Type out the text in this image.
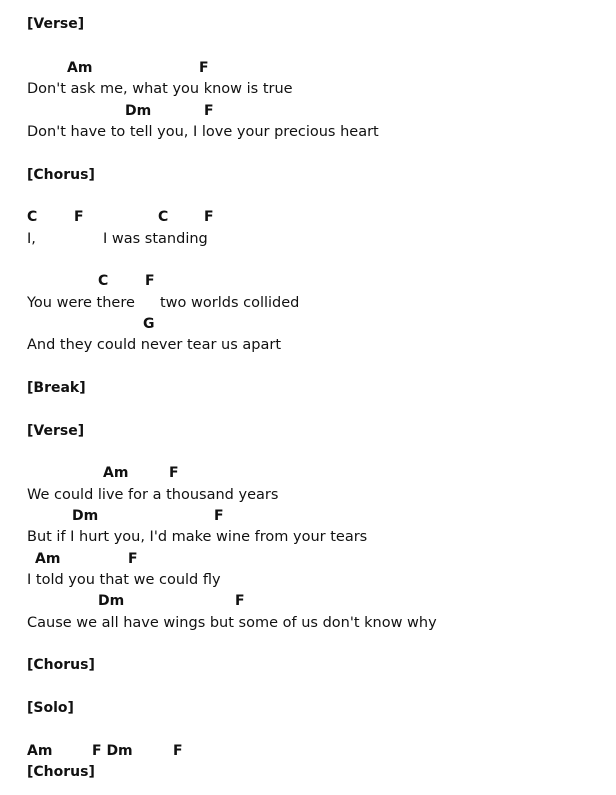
[Verse]
Am	F
Don't ask me, what you know is true
Dm	F
Don't have to tell you, I love your precious heart
[Chorus]
C	F	C	F
I,	I was standing
C	F
You were there two worlds collided
G
And they could never tear us apart
[Break]
[Verse]
Am	F
We could live for a thousand years
Dm	F
But if I hurt you, I'd make wine from your tears
Am	F
I told you that we could fly
Dm	F
Cause we all have wings but some of us don't know why
[Chorus]
[Solo]
Am	F Dm	F
[Chorus]
